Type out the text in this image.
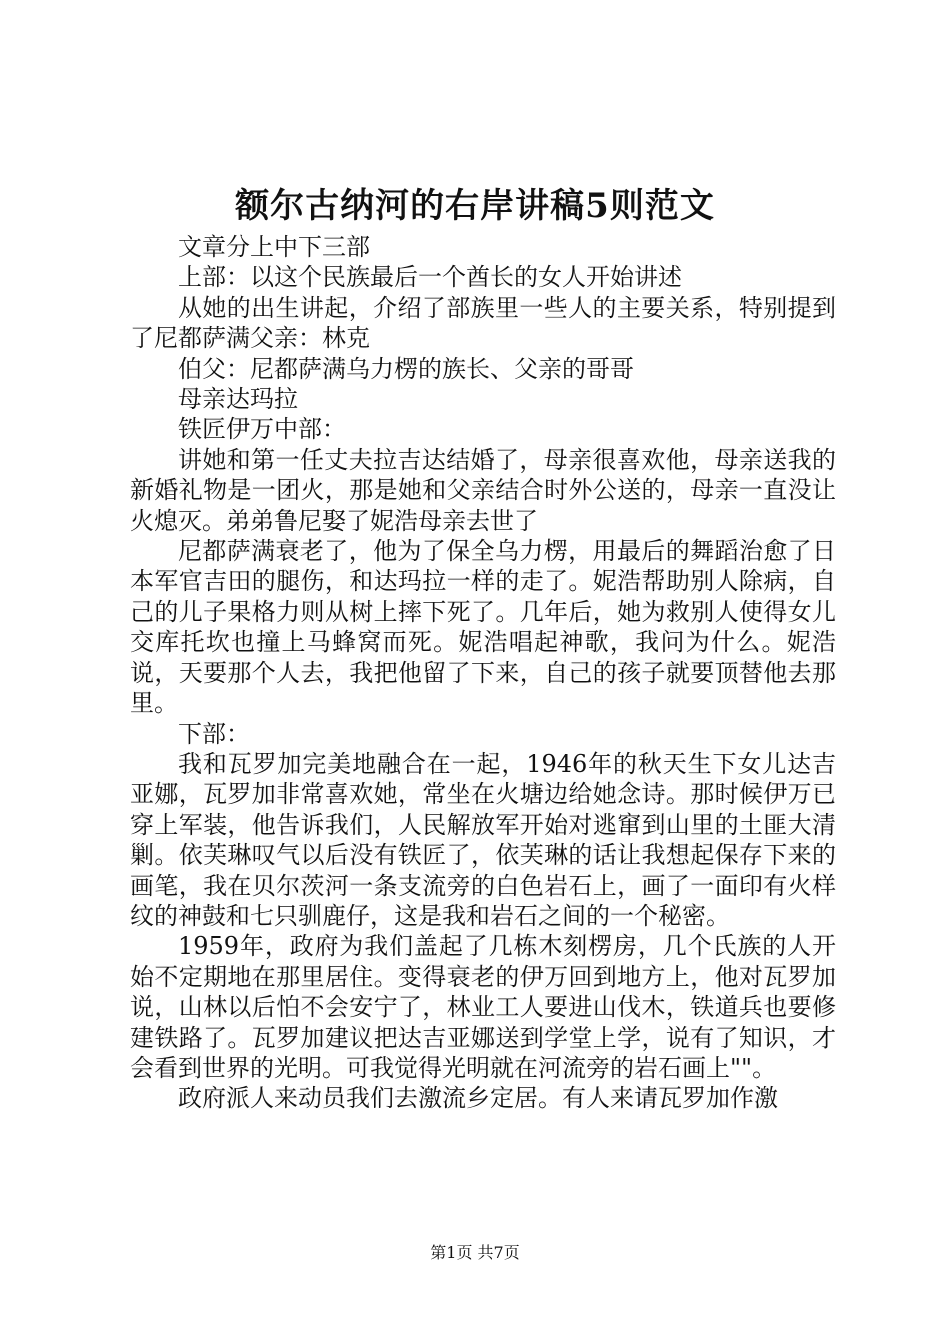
额尔古纳河的右岸讲稿5则范文

文章分上中下三部

上部：以这个民族最后一个酋长的女人开始讲述

从她的出生讲起，介绍了部族里一些人的主要关系，特别提到了尼都萨满父亲：林克

伯父：尼都萨满乌力楞的族长、父亲的哥哥

母亲达玛拉

铁匠伊万中部：

讲她和第一任丈夫拉吉达结婚了，母亲很喜欢他，母亲送我的新婚礼物是一团火，那是她和父亲结合时外公送的，母亲一直没让火熄灭。弟弟鲁尼娶了妮浩母亲去世了

尼都萨满衰老了，他为了保全乌力楞，用最后的舞蹈治愈了日本军官吉田的腿伤，和达玛拉一样的走了。妮浩帮助别人除病，自己的儿子果格力则从树上摔下死了。几年后，她为救别人使得女儿交库托坎也撞上马蜂窝而死。妮浩唱起神歌，我问为什么。妮浩说，天要那个人去，我把他留了下来，自己的孩子就要顶替他去那里。

下部：

我和瓦罗加完美地融合在一起，1946年的秋天生下女儿达吉亚娜，瓦罗加非常喜欢她，常坐在火塘边给她念诗。那时候伊万已穿上军装，他告诉我们，人民解放军开始对逃窜到山里的土匪大清剿。依芙琳叹气以后没有铁匠了，依芙琳的话让我想起保存下来的画笔，我在贝尔茨河一条支流旁的白色岩石上，画了一面印有火样纹的神鼓和七只驯鹿仔，这是我和岩石之间的一个秘密。

1959年，政府为我们盖起了几栋木刻楞房，几个氏族的人开始不定期地在那里居住。变得衰老的伊万回到地方上，他对瓦罗加说，山林以后怕不会安宁了，林业工人要进山伐木，铁道兵也要修建铁路了。瓦罗加建议把达吉亚娜送到学堂上学，说有了知识，才会看到世界的光明。可我觉得光明就在河流旁的岩石画上""。

政府派人来动员我们去激流乡定居。有人来请瓦罗加作激

第1页 共7页
